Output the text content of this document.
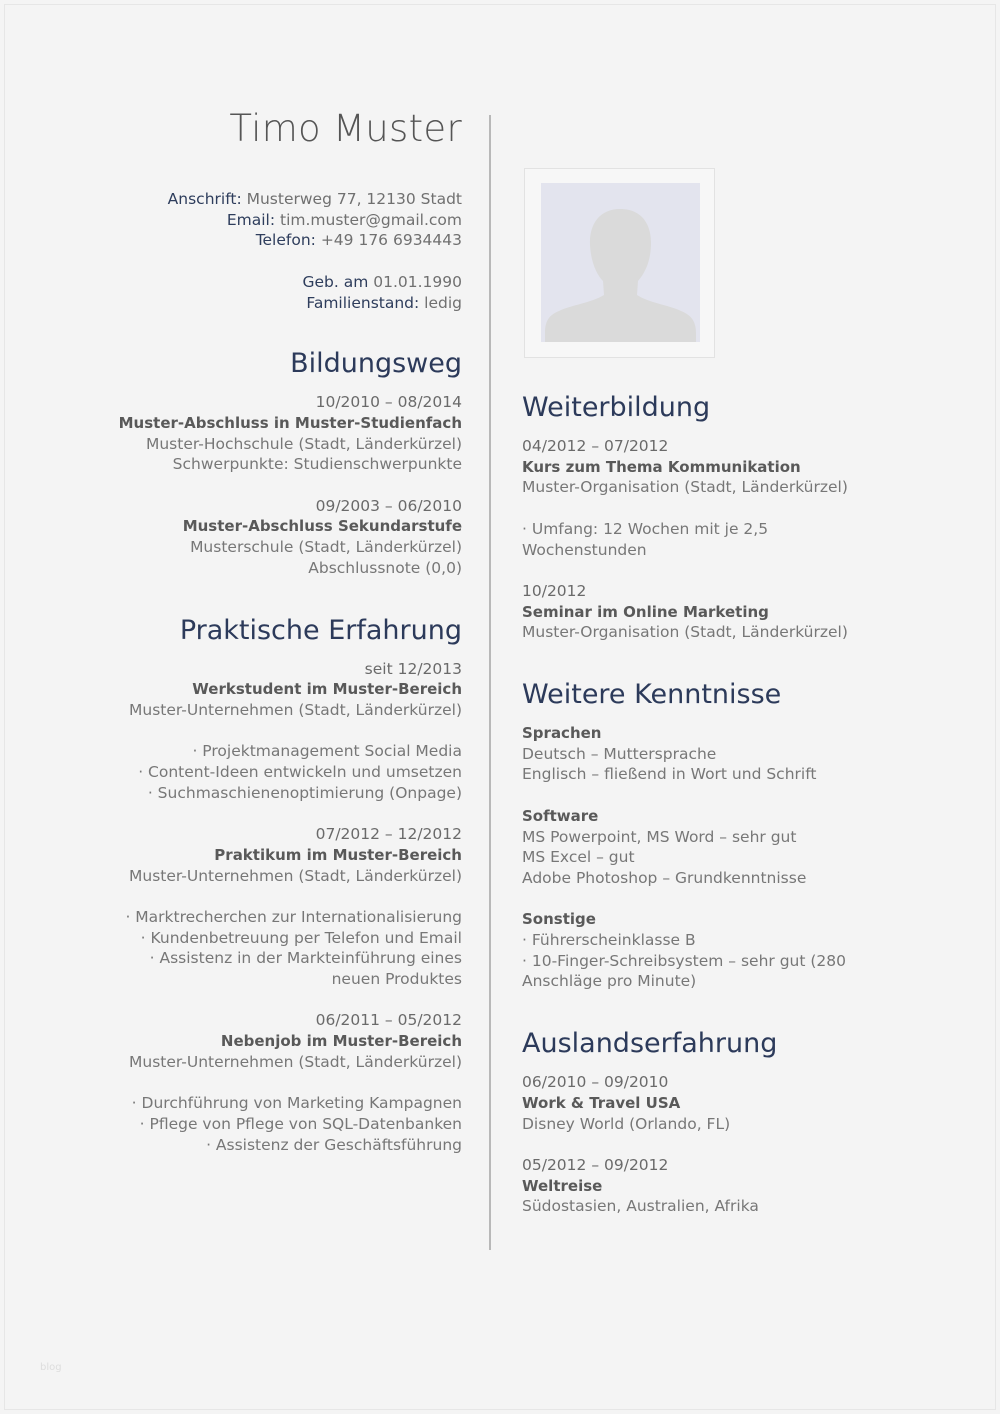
Timo Muster
Anschrift: Musterweg 77, 12130 Stadt
Email: tim.muster@gmail.com
Telefon: +49 176 6934443
Geb. am 01.01.1990
Familienstand: ledig
Bildungsweg
10/2010 – 08/2014
Muster-Abschluss in Muster-Studienfach
Muster-Hochschule (Stadt, Länderkürzel)
Schwerpunkte: Studienschwerpunkte
09/2003 – 06/2010
Muster-Abschluss Sekundarstufe
Musterschule (Stadt, Länderkürzel)
Abschlussnote (0,0)
Praktische Erfahrung
seit 12/2013
Werkstudent im Muster-Bereich
Muster-Unternehmen (Stadt, Länderkürzel)
· Projektmanagement Social Media
· Content-Ideen entwickeln und umsetzen
· Suchmaschienenoptimierung (Onpage)
07/2012 – 12/2012
Praktikum im Muster-Bereich
Muster-Unternehmen (Stadt, Länderkürzel)
· Marktrecherchen zur Internationalisierung
· Kundenbetreuung per Telefon und Email
· Assistenz in der Markteinführung eines
neuen Produktes
06/2011 – 05/2012
Nebenjob im Muster-Bereich
Muster-Unternehmen (Stadt, Länderkürzel)
· Durchführung von Marketing Kampagnen
· Pflege von Pflege von SQL-Datenbanken
· Assistenz der Geschäftsführung
Weiterbildung
04/2012 – 07/2012
Kurs zum Thema Kommunikation
Muster-Organisation (Stadt, Länderkürzel)
· Umfang: 12 Wochen mit je 2,5
Wochenstunden
10/2012
Seminar im Online Marketing
Muster-Organisation (Stadt, Länderkürzel)
Weitere Kenntnisse
Sprachen
Deutsch – Muttersprache
Englisch – fließend in Wort und Schrift
Software
MS Powerpoint, MS Word – sehr gut
MS Excel – gut
Adobe Photoshop – Grundkenntnisse
Sonstige
· Führerscheinklasse B
· 10-Finger-Schreibsystem – sehr gut (280
Anschläge pro Minute)
Auslandserfahrung
06/2010 – 09/2010
Work & Travel USA
Disney World (Orlando, FL)
05/2012 – 09/2012
Weltreise
Südostasien, Australien, Afrika
blog
